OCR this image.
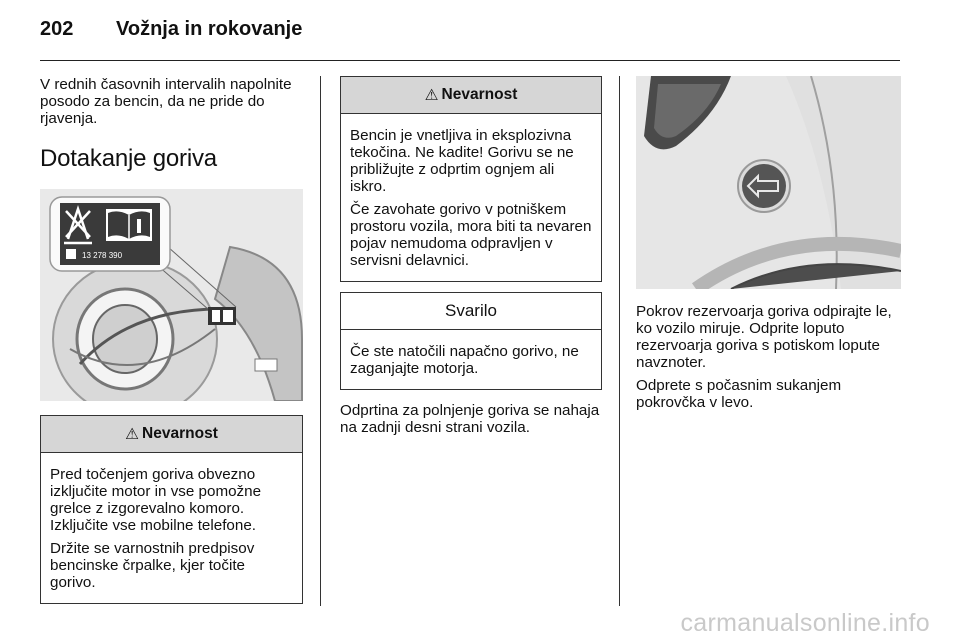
202	Vožnja in rokovanje

V rednih časovnih intervalih napolnite posodo za bencin, da ne pride do rjavenja.

Dotakanje goriva
13 278 390
⚠ Nevarnost

Pred točenjem goriva obvezno izključite motor in vse pomožne grelce z izgorevalno komoro. Izključite vse mobilne telefone.

Držite se varnostnih predpisov bencinske črpalke, kjer točite gorivo.

⚠ Nevarnost

Bencin je vnetljiva in eksplozivna tekočina. Ne kadite! Gorivu se ne približujte z odprtim ognjem ali iskro.

Če zavohate gorivo v potniškem prostoru vozila, mora biti ta nevaren pojav nemudoma odpravljen v servisni delavnici.

Svarilo

Če ste natočili napačno gorivo, ne zaganjajte motorja.

Odprtina za polnjenje goriva se nahaja na zadnji desni strani vozila.

Pokrov rezervoarja goriva odpirajte le, ko vozilo miruje. Odprite loputo rezervoarja goriva s potiskom lopute navznoter.

Odprete s počasnim sukanjem pokrovčka v levo.

carmanualsonline.info
